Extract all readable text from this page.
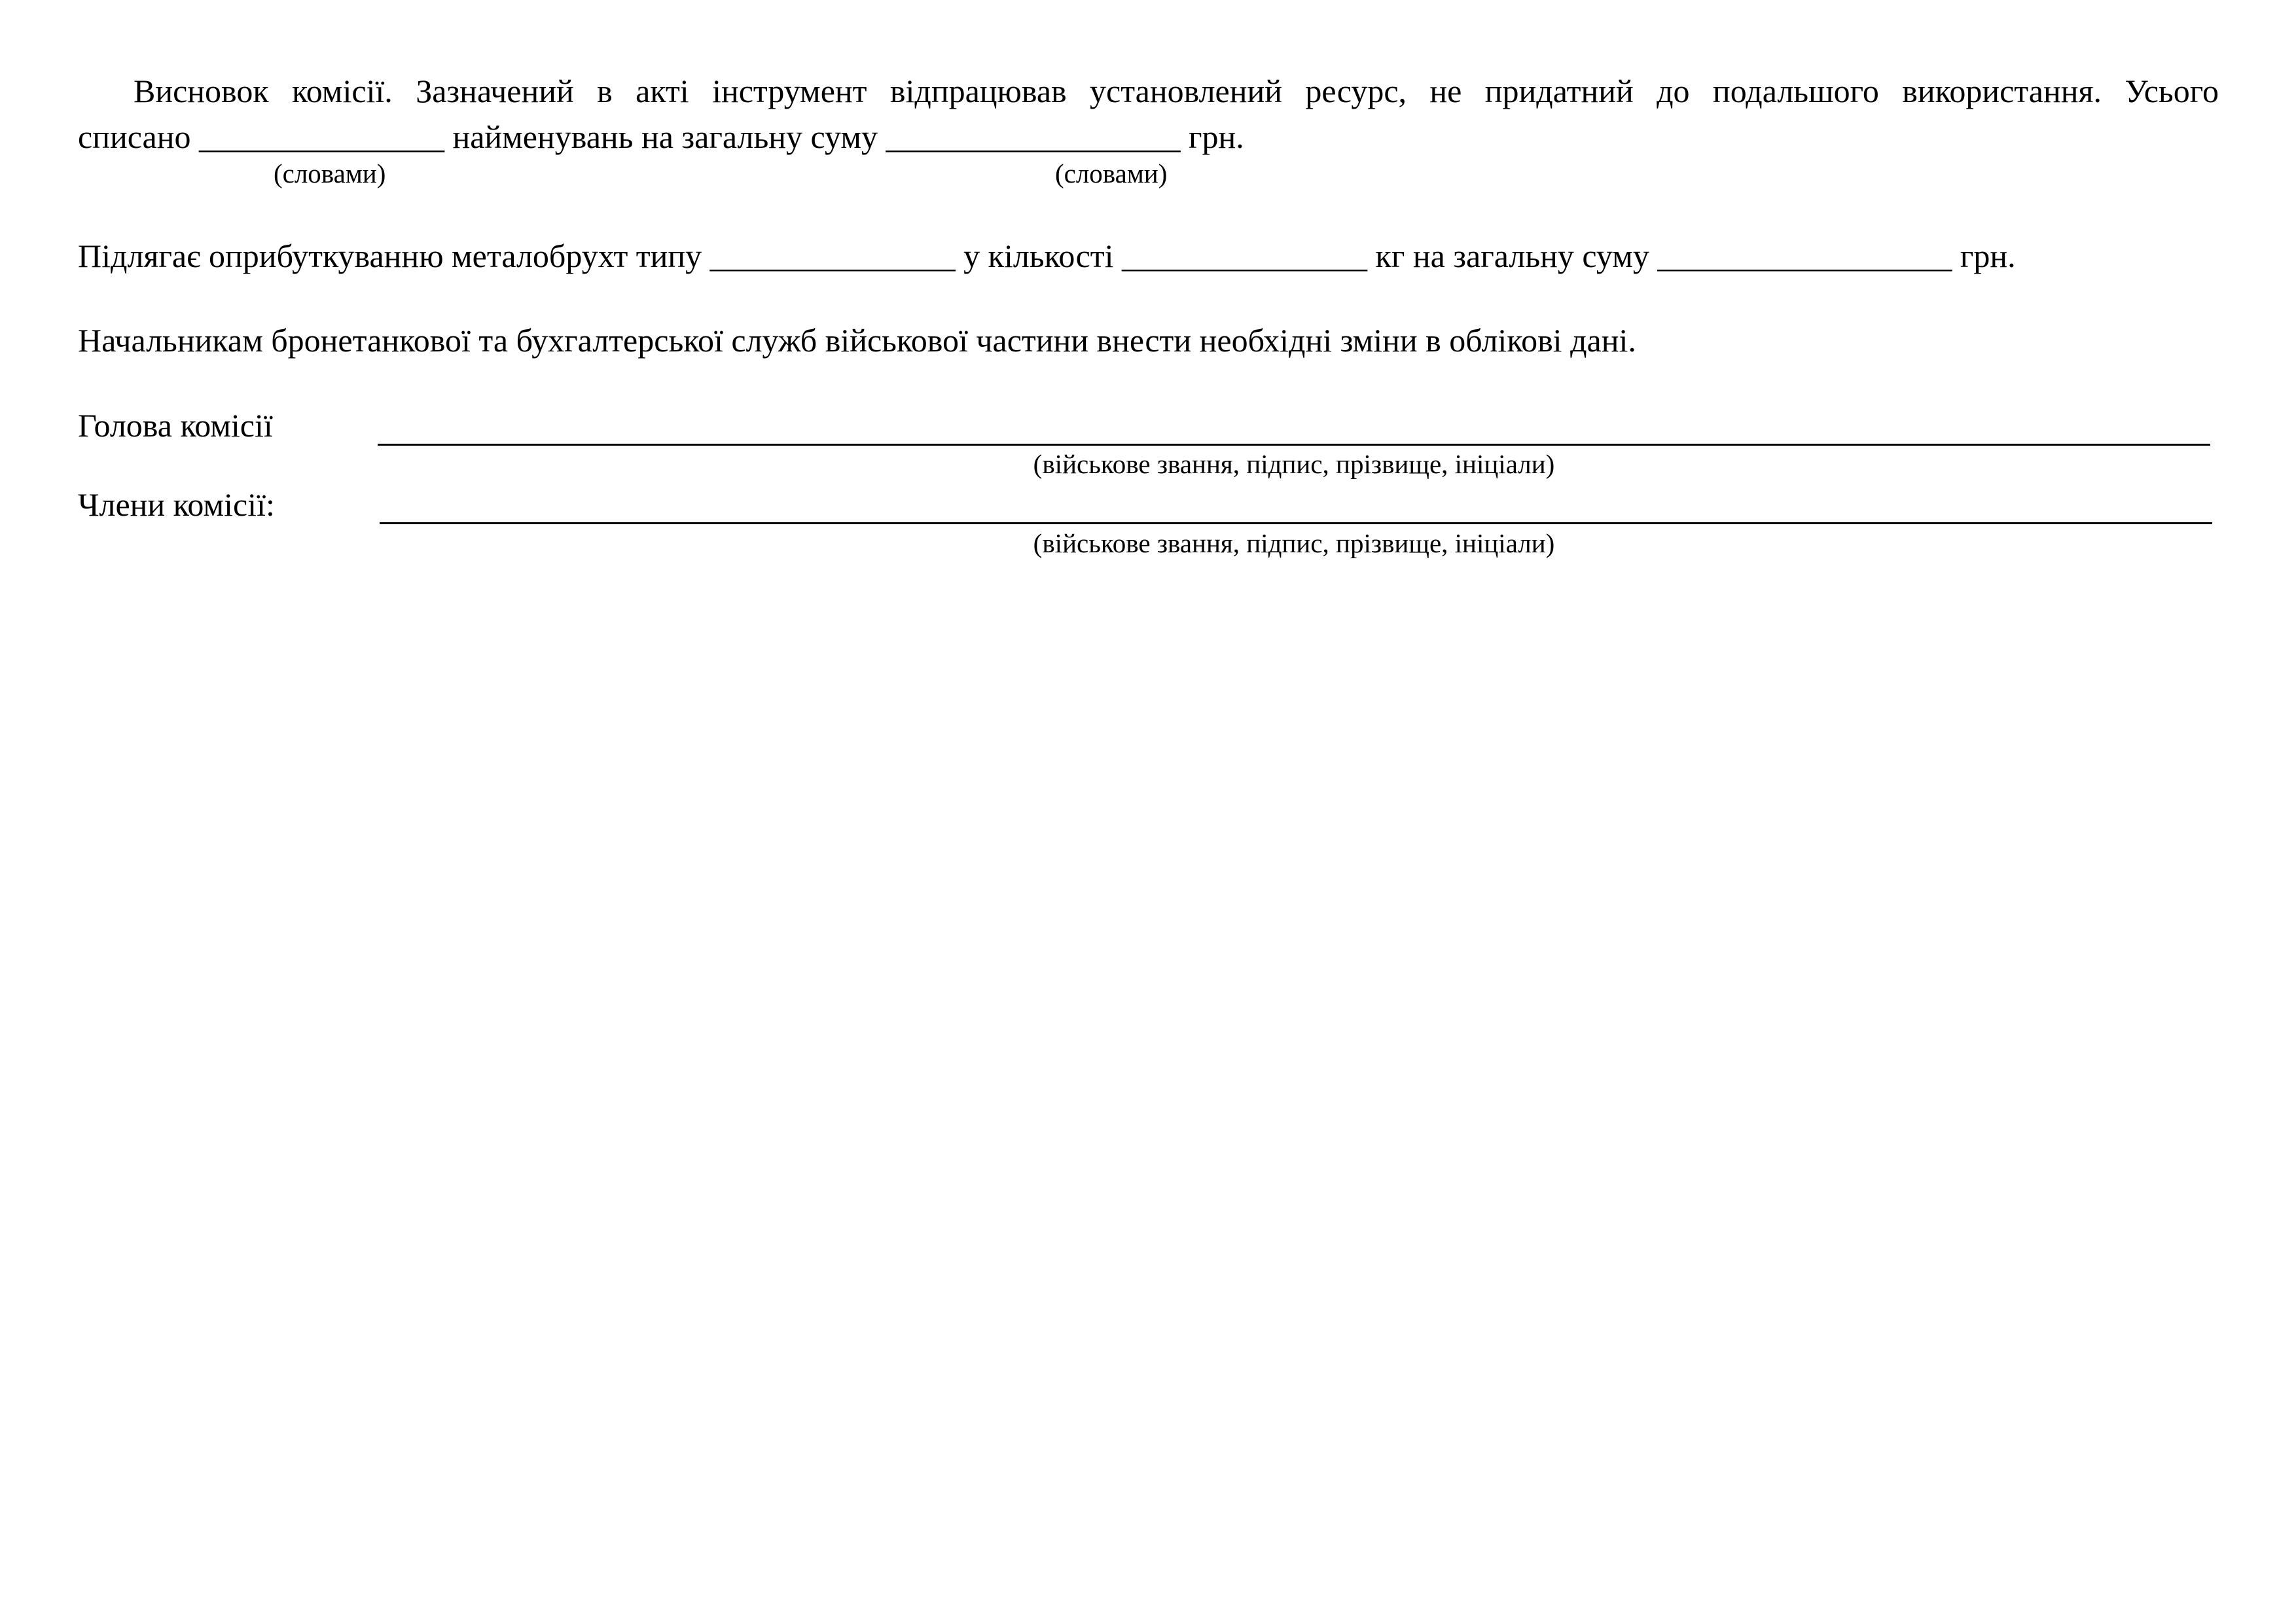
Висновок комісії. Зазначений в акті інструмент відпрацював установлений ресурс, не придатний до подальшого використання. Усього
списано _______________ найменувань на загальну суму __________________ грн.
(словами)	(словами)
Підлягає оприбуткуванню металобрухт типу _______________ у кількості _______________ кг на загальну суму __________________ грн.
Начальникам бронетанкової та бухгалтерської служб військової частини внести необхідні зміни в облікові дані.
Голова комісії
(військове звання, підпис, прізвище, ініціали)
Члени комісії:
(військове звання, підпис, прізвище, ініціали)
